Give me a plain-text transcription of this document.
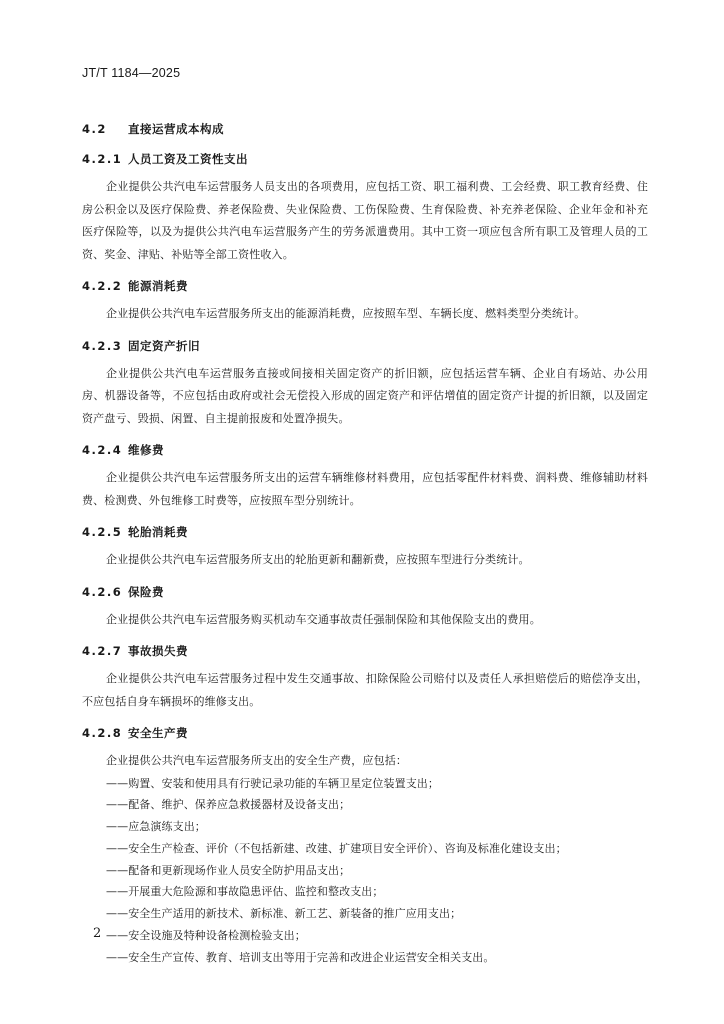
JT/T 1184—2025
4.2 直接运营成本构成
4.2.1 人员工资及工资性支出

企业提供公共汽电车运营服务人员支出的各项费用，应包括工资、职工福利费、工会经费、职工教育经费、住房公积金以及医疗保险费、养老保险费、失业保险费、工伤保险费、生育保险费、补充养老保险、企业年金和补充医疗保险等，以及为提供公共汽电车运营服务产生的劳务派遣费用。其中工资一项应包含所有职工及管理人员的工资、奖金、津贴、补贴等全部工资性收入。

4.2.2 能源消耗费

企业提供公共汽电车运营服务所支出的能源消耗费，应按照车型、车辆长度、燃料类型分类统计。

4.2.3 固定资产折旧

企业提供公共汽电车运营服务直接或间接相关固定资产的折旧额，应包括运营车辆、企业自有场站、办公用房、机器设备等，不应包括由政府或社会无偿投入形成的固定资产和评估增值的固定资产计提的折旧额，以及固定资产盘亏、毁损、闲置、自主提前报废和处置净损失。

4.2.4 维修费

企业提供公共汽电车运营服务所支出的运营车辆维修材料费用，应包括零配件材料费、润料费、维修辅助材料费、检测费、外包维修工时费等，应按照车型分别统计。

4.2.5 轮胎消耗费

企业提供公共汽电车运营服务所支出的轮胎更新和翻新费，应按照车型进行分类统计。

4.2.6 保险费

企业提供公共汽电车运营服务购买机动车交通事故责任强制保险和其他保险支出的费用。

4.2.7 事故损失费

企业提供公共汽电车运营服务过程中发生交通事故、扣除保险公司赔付以及责任人承担赔偿后的赔偿净支出，不应包括自身车辆损坏的维修支出。

4.2.8 安全生产费

企业提供公共汽电车运营服务所支出的安全生产费，应包括：

——购置、安装和使用具有行驶记录功能的车辆卫星定位装置支出；
——配备、维护、保养应急救援器材及设备支出；
——应急演练支出；
——安全生产检查、评价（不包括新建、改建、扩建项目安全评价）、咨询及标准化建设支出；
——配备和更新现场作业人员安全防护用品支出；
——开展重大危险源和事故隐患评估、监控和整改支出；
——安全生产适用的新技术、新标准、新工艺、新装备的推广应用支出；
——安全设施及特种设备检测检验支出；
——安全生产宣传、教育、培训支出等用于完善和改进企业运营安全相关支出。
2
